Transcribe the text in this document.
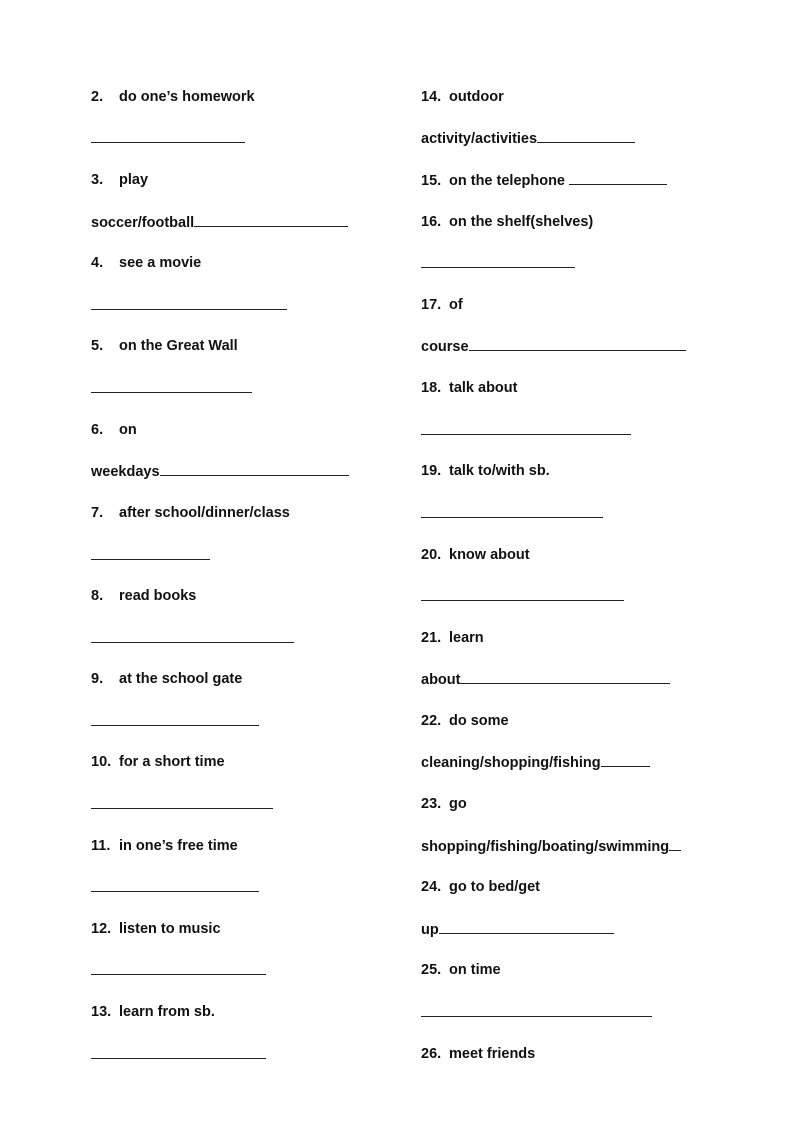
2. do one’s homework
3. play
soccer/football
4. see a movie
5. on the Great Wall
6. on
weekdays
7. after school/dinner/class
8. read books
9. at the school gate
10. for a short time
11. in one’s free time
12. listen to music
13. learn from sb.
14. outdoor
activity/activities
15. on the telephone
16. on the shelf(shelves)
17. of
course
18. talk about
19. talk to/with sb.
20. know about
21. learn
about
22. do some
cleaning/shopping/fishing
23. go
shopping/fishing/boating/swimming
24. go to bed/get
up
25. on time
26. meet friends
